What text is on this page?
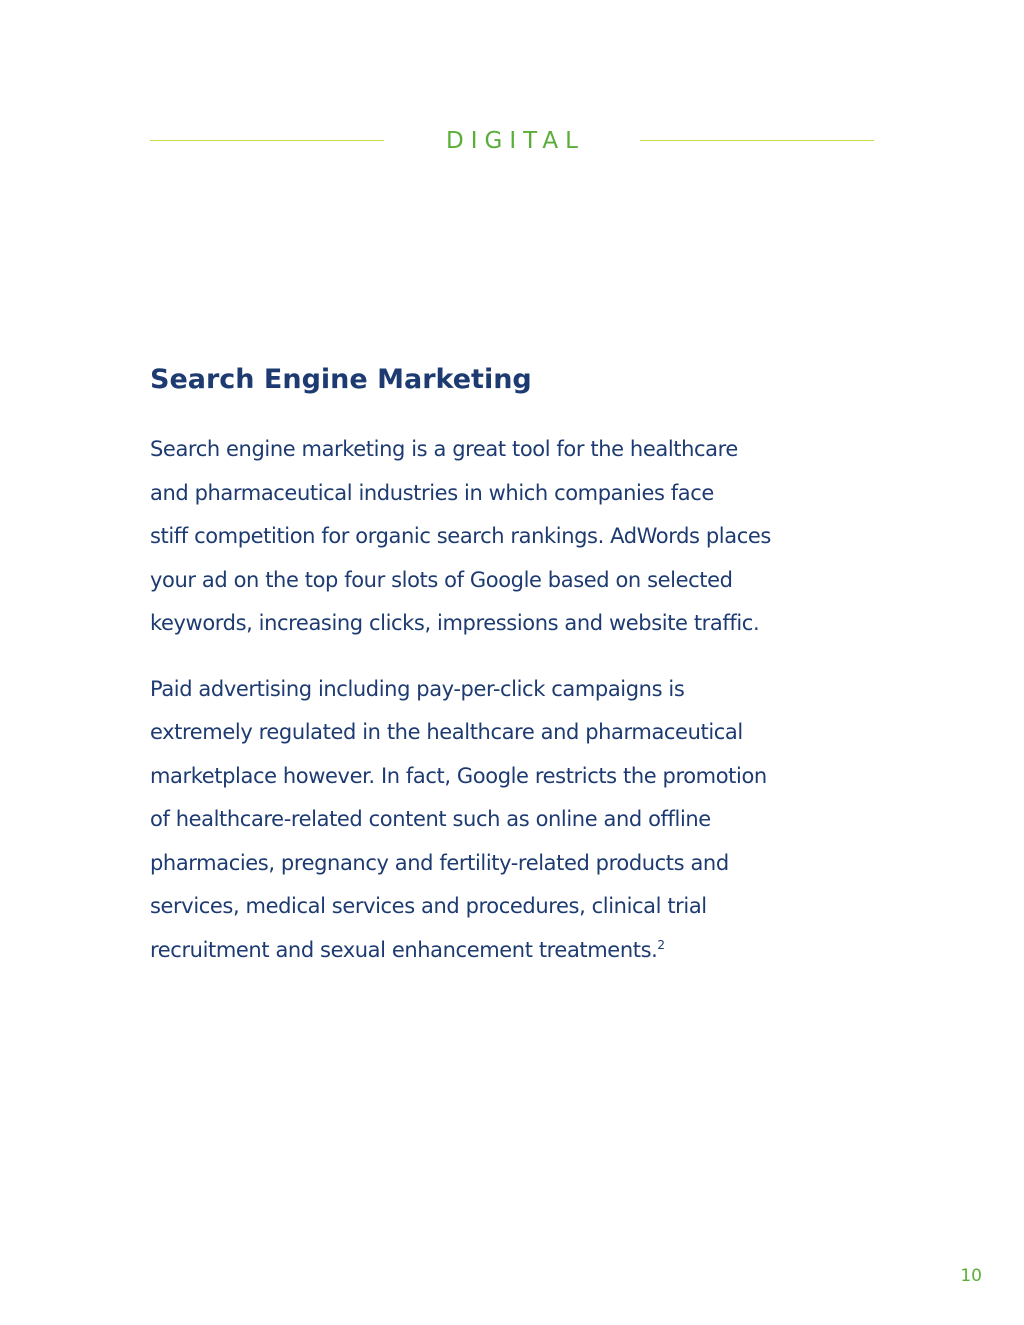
DIGITAL
Search Engine Marketing

Search engine marketing is a great tool for the healthcare
and pharmaceutical industries in which companies face
stiff competition for organic search rankings. AdWords places
your ad on the top four slots of Google based on selected
keywords, increasing clicks, impressions and website traffic.

Paid advertising including pay-per-click campaigns is
extremely regulated in the healthcare and pharmaceutical
marketplace however. In fact, Google restricts the promotion
of healthcare-related content such as online and offline
pharmacies, pregnancy and fertility-related products and
services, medical services and procedures, clinical trial
recruitment and sexual enhancement treatments.$^2$

10
